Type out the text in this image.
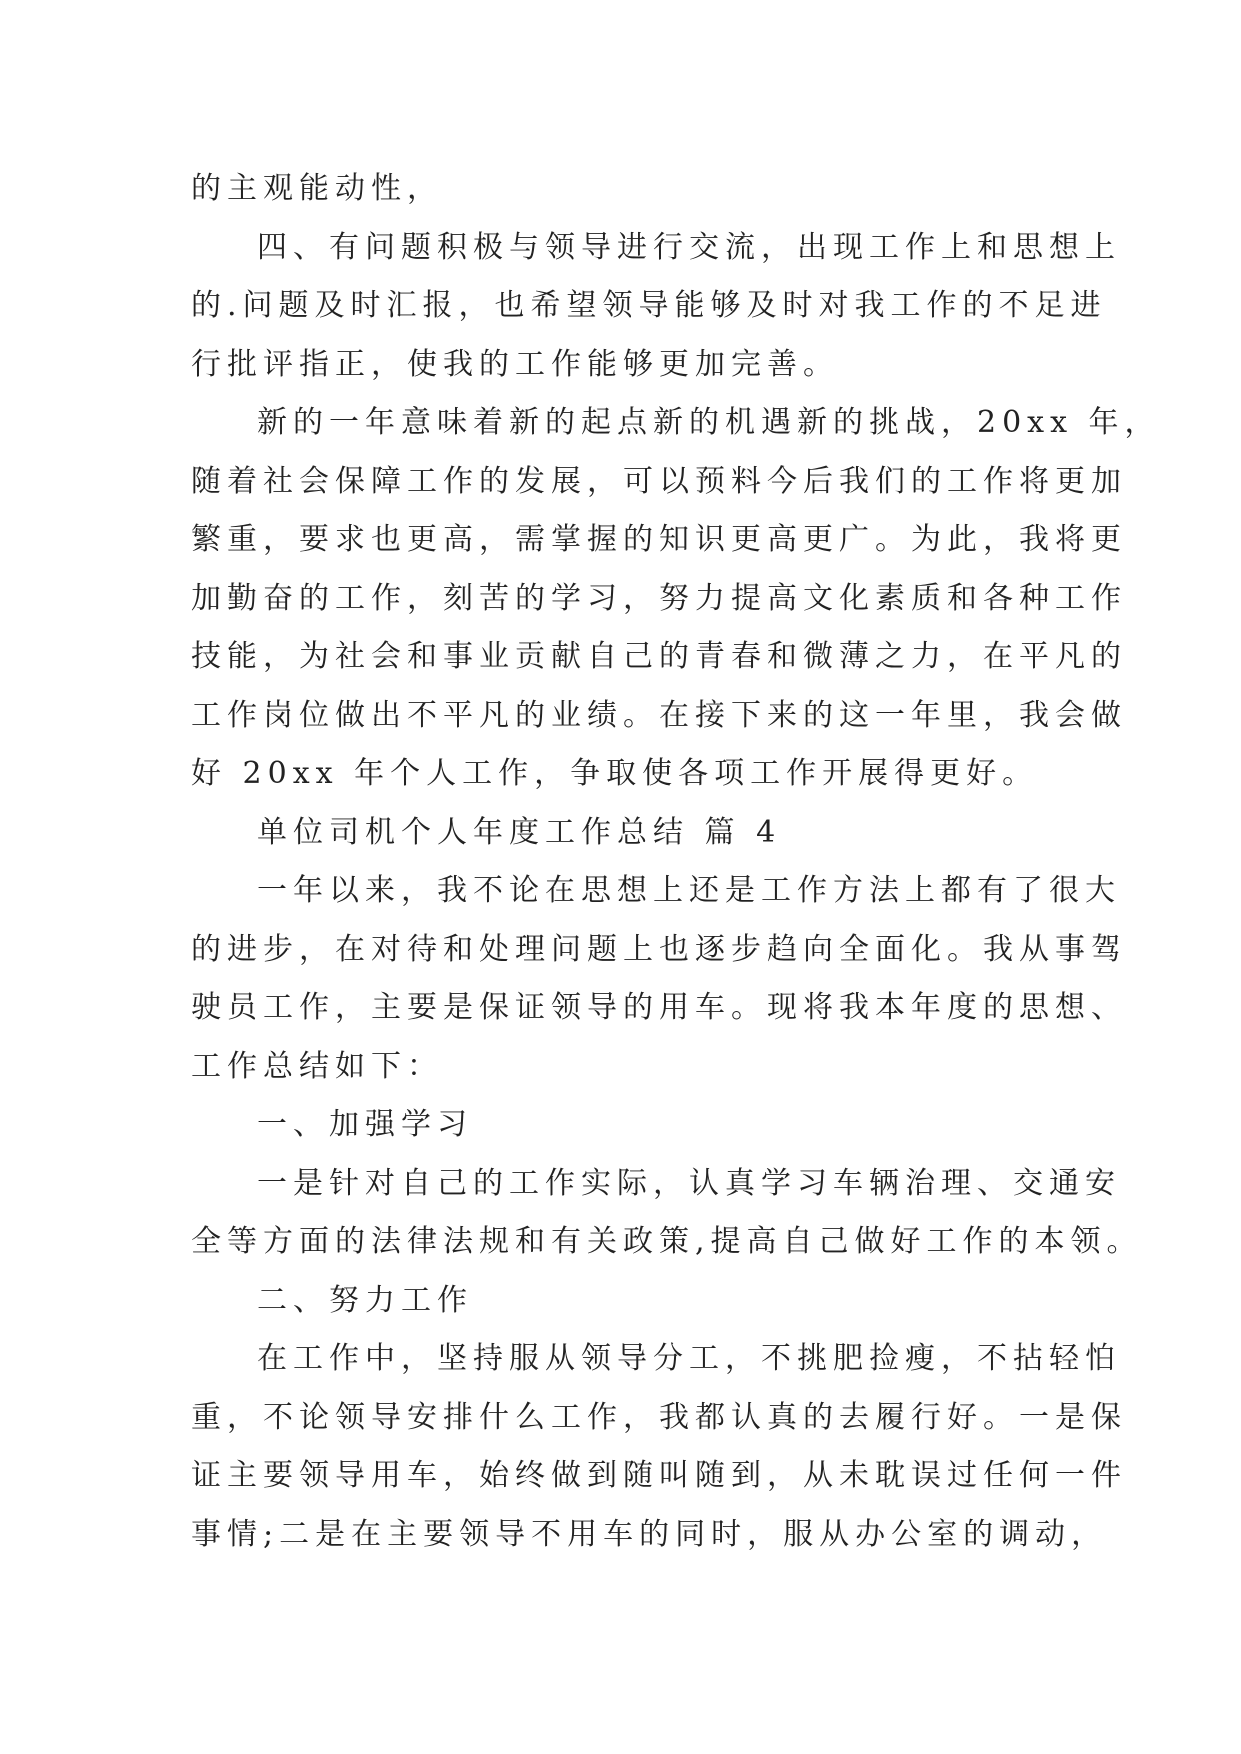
的主观能动性，
四、有问题积极与领导进行交流，出现工作上和思想上
的.问题及时汇报，也希望领导能够及时对我工作的不足进
行批评指正，使我的工作能够更加完善。
新的一年意味着新的起点新的机遇新的挑战，20xx 年，
随着社会保障工作的发展，可以预料今后我们的工作将更加
繁重，要求也更高，需掌握的知识更高更广。为此，我将更
加勤奋的工作，刻苦的学习，努力提高文化素质和各种工作
技能，为社会和事业贡献自己的青春和微薄之力，在平凡的
工作岗位做出不平凡的业绩。在接下来的这一年里，我会做
好 20xx 年个人工作，争取使各项工作开展得更好。
单位司机个人年度工作总结 篇 4
一年以来，我不论在思想上还是工作方法上都有了很大
的进步，在对待和处理问题上也逐步趋向全面化。我从事驾
驶员工作，主要是保证领导的用车。现将我本年度的思想、
工作总结如下：
一、加强学习
一是针对自己的工作实际，认真学习车辆治理、交通安
全等方面的法律法规和有关政策,提高自己做好工作的本领。
二、努力工作
在工作中，坚持服从领导分工，不挑肥捡瘦，不拈轻怕
重，不论领导安排什么工作，我都认真的去履行好。一是保
证主要领导用车，始终做到随叫随到，从未耽误过任何一件
事情;二是在主要领导不用车的同时，服从办公室的调动，
